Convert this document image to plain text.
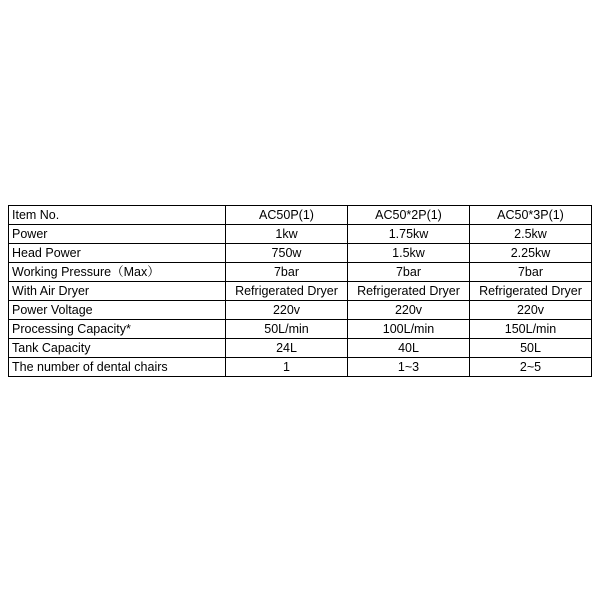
Item No.	AC50P(1)	AC50*2P(1)	AC50*3P(1)
Power	1kw	1.75kw	2.5kw
Head Power	750w	1.5kw	2.25kw
Working Pressure（Max）	7bar	7bar	7bar
With Air Dryer	Refrigerated Dryer	Refrigerated Dryer	Refrigerated Dryer
Power Voltage	220v	220v	220v
Processing Capacity*	50L/min	100L/min	150L/min
Tank Capacity	24L	40L	50L
The number of dental chairs	1	1~3	2~5
